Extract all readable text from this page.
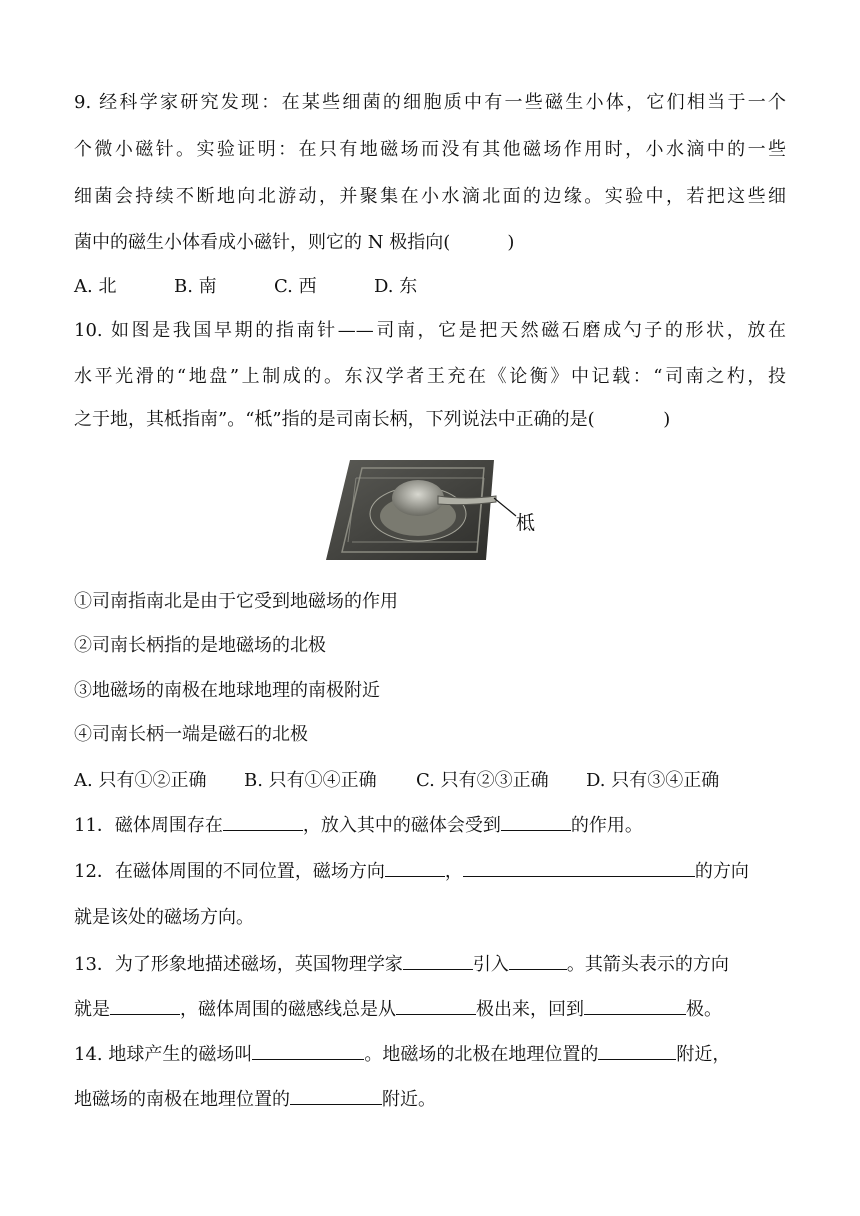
9. 经科学家研究发现：在某些细菌的细胞质中有一些磁生小体，它们相当于一个
个微小磁针。实验证明：在只有地磁场而没有其他磁场作用时，小水滴中的一些
细菌会持续不断地向北游动，并聚集在小水滴北面的边缘。实验中，若把这些细
菌中的磁生小体看成小磁针，则它的 N 极指向(          )
A. 北	B. 南	C. 西	D. 东
10. 如图是我国早期的指南针——司南，它是把天然磁石磨成勺子的形状，放在
水平光滑的“地盘”上制成的。东汉学者王充在《论衡》中记载：“司南之杓，投
之于地，其柢指南”。“柢”指的是司南长柄，下列说法中正确的是(            )
柢
①司南指南北是由于它受到地磁场的作用
②司南长柄指的是地磁场的北极
③地磁场的南极在地球地理的南极附近
④司南长柄一端是磁石的北极
A. 只有①②正确 B. 只有①④正确 C. 只有②③正确 D. 只有③④正确
11．磁体周围存在	，放入其中的磁体会受到	的作用。
12．在磁体周围的不同位置，磁场方向	，	的方向
就是该处的磁场方向。
13．为了形象地描述磁场，英国物理学家	引入	。其箭头表示的方向
就是	，磁体周围的磁感线总是从	极出来，回到	极。
14. 地球产生的磁场叫	。地磁场的北极在地理位置的	附近，
地磁场的南极在地理位置的	附近。
